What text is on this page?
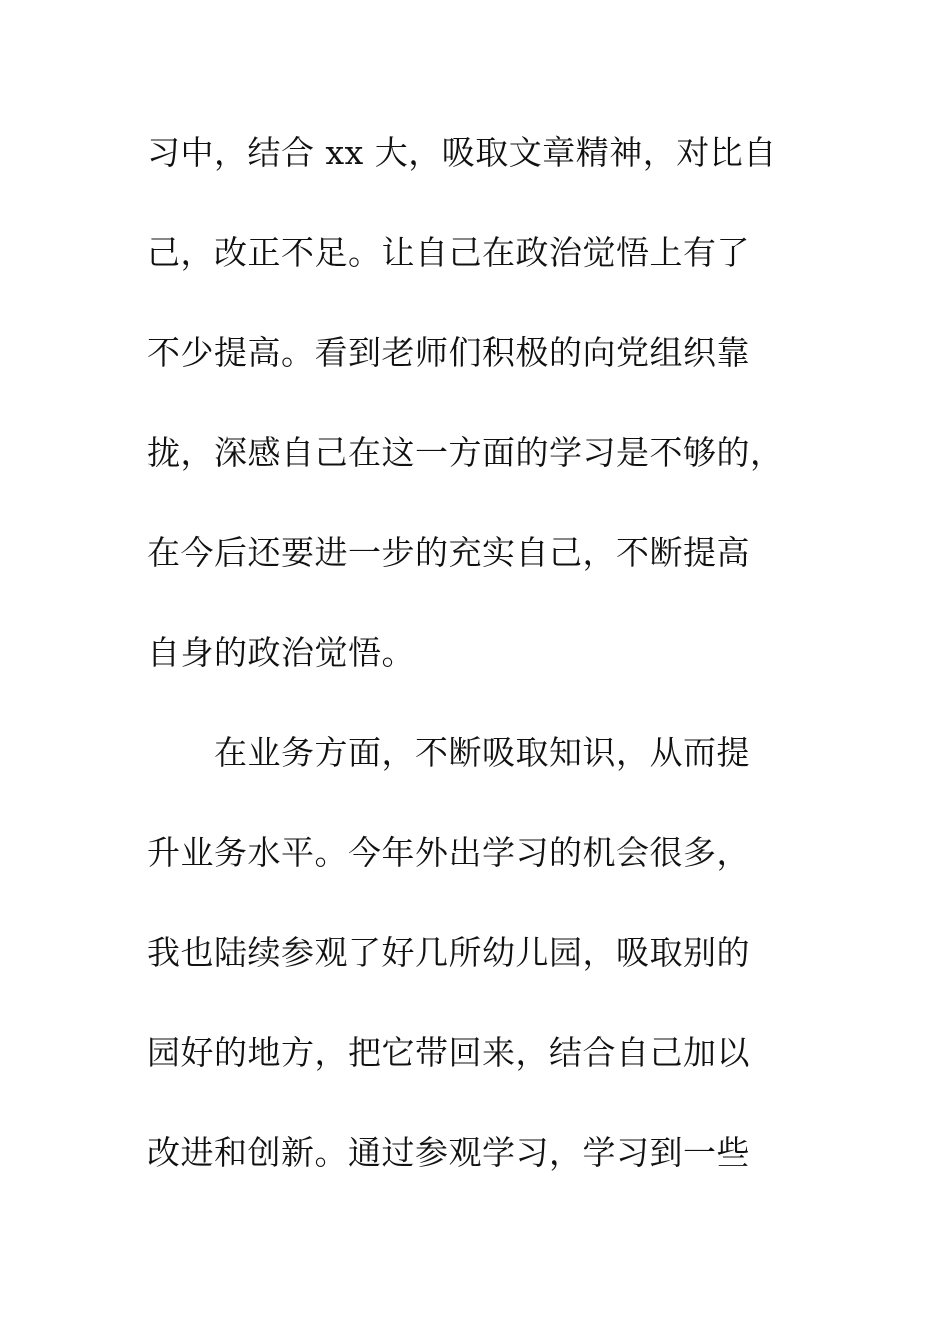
习中，结合 xx 大，吸取文章精神，对比自
己，改正不足。让自己在政治觉悟上有了
不少提高。看到老师们积极的向党组织靠
拢，深感自己在这一方面的学习是不够的，
在今后还要进一步的充实自己，不断提高
自身的政治觉悟。
在业务方面，不断吸取知识，从而提
升业务水平。今年外出学习的机会很多，
我也陆续参观了好几所幼儿园，吸取别的
园好的地方，把它带回来，结合自己加以
改进和创新。通过参观学习，学习到一些
